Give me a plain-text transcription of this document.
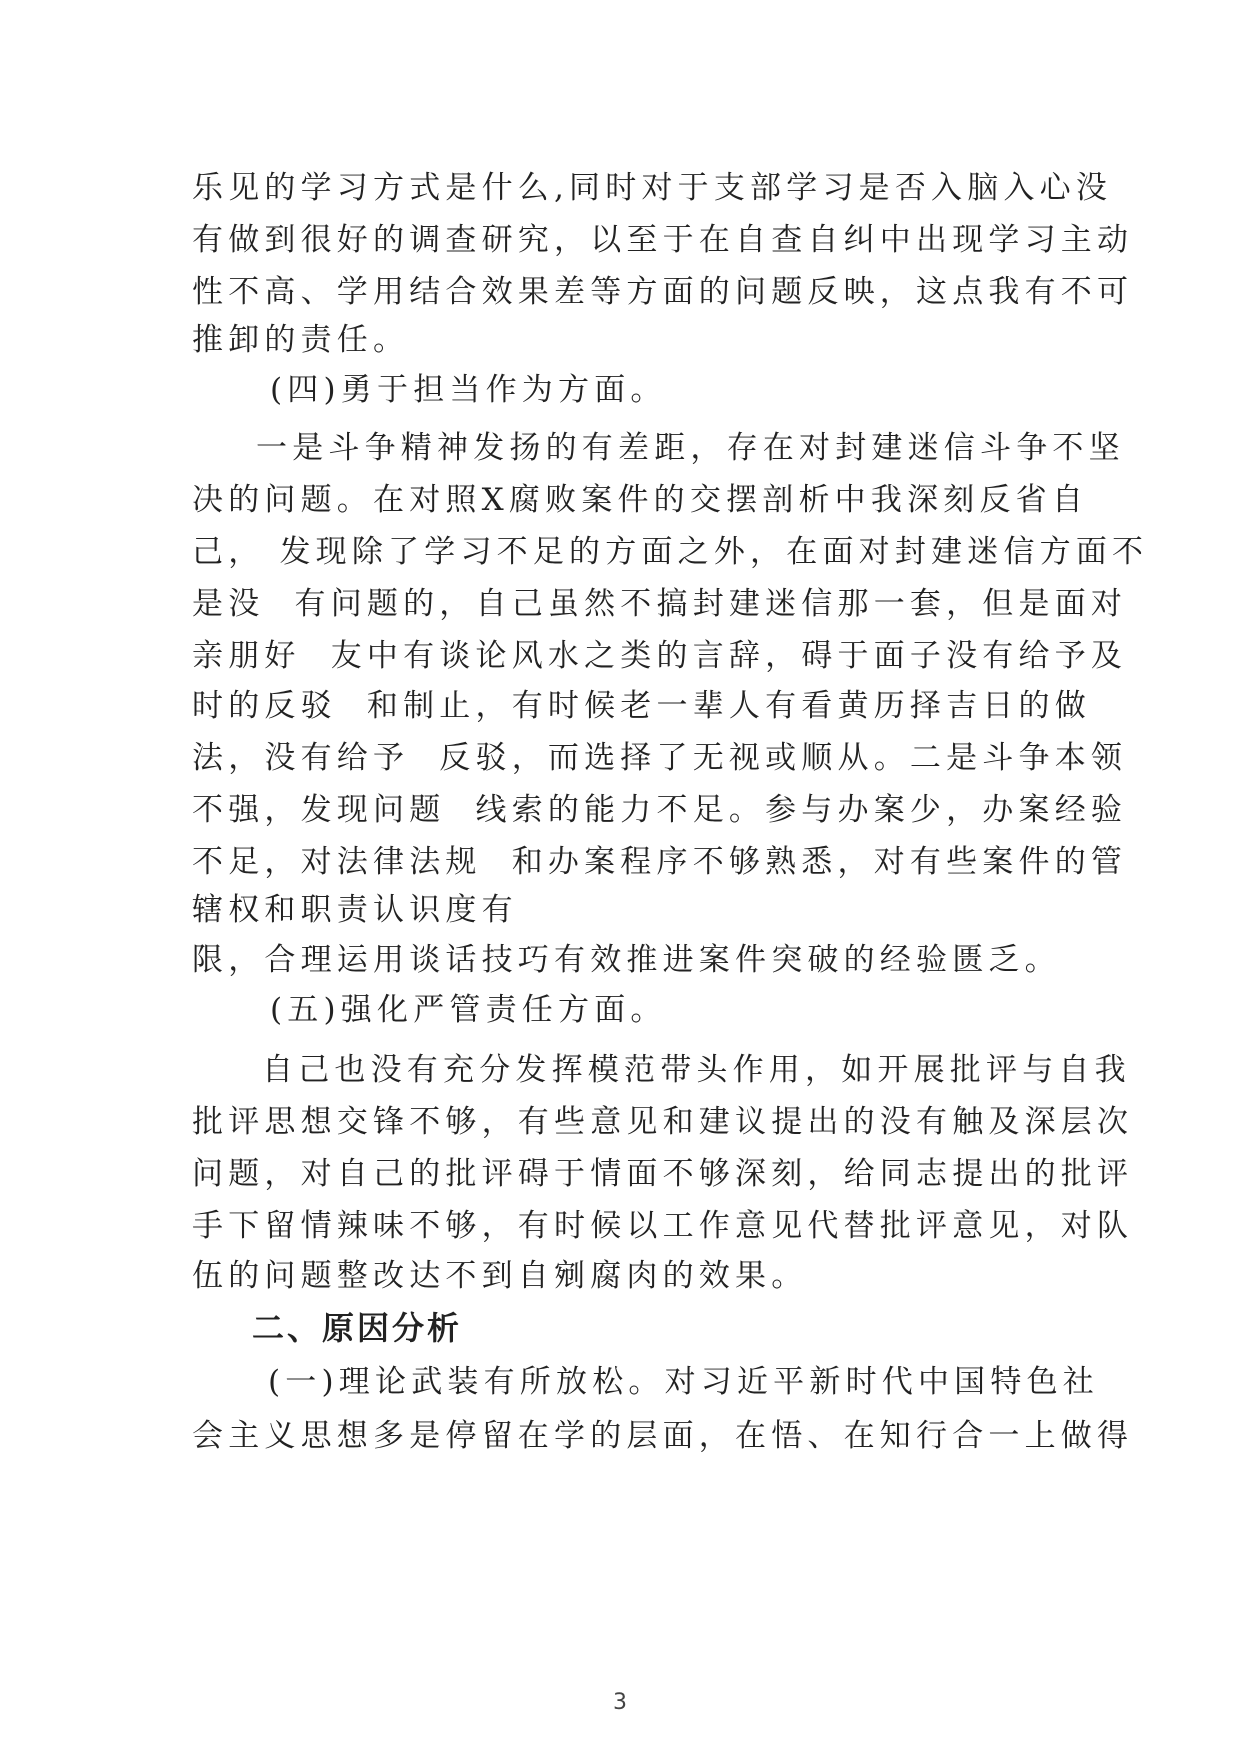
乐见的学习方式是什么,同时对于支部学习是否入脑入心没
有做到很好的调查研究，以至于在自查自纠中出现学习主动
性不高、学用结合效果差等方面的问题反映，这点我有不可
推卸的责任。
(四)勇于担当作为方面。
一是斗争精神发扬的有差距，存在对封建迷信斗争不坚
决的问题。在对照X腐败案件的交摆剖析中我深刻反省自
己， 发现除了学习不足的方面之外，在面对封建迷信方面不
是没  有问题的，自己虽然不搞封建迷信那一套，但是面对
亲朋好  友中有谈论风水之类的言辞，碍于面子没有给予及
时的反驳  和制止，有时候老一辈人有看黄历择吉日的做
法，没有给予  反驳，而选择了无视或顺从。二是斗争本领
不强，发现问题  线索的能力不足。参与办案少，办案经验
不足，对法律法规  和办案程序不够熟悉，对有些案件的管
辖权和职责认识度有
限，合理运用谈话技巧有效推进案件突破的经验匮乏。
(五)强化严管责任方面。
自己也没有充分发挥模范带头作用，如开展批评与自我
批评思想交锋不够，有些意见和建议提出的没有触及深层次
问题，对自己的批评碍于情面不够深刻，给同志提出的批评
手下留情辣味不够，有时候以工作意见代替批评意见，对队
伍的问题整改达不到自剜腐肉的效果。
二、原因分析
(一)理论武装有所放松。对习近平新时代中国特色社
会主义思想多是停留在学的层面，在悟、在知行合一上做得
3
